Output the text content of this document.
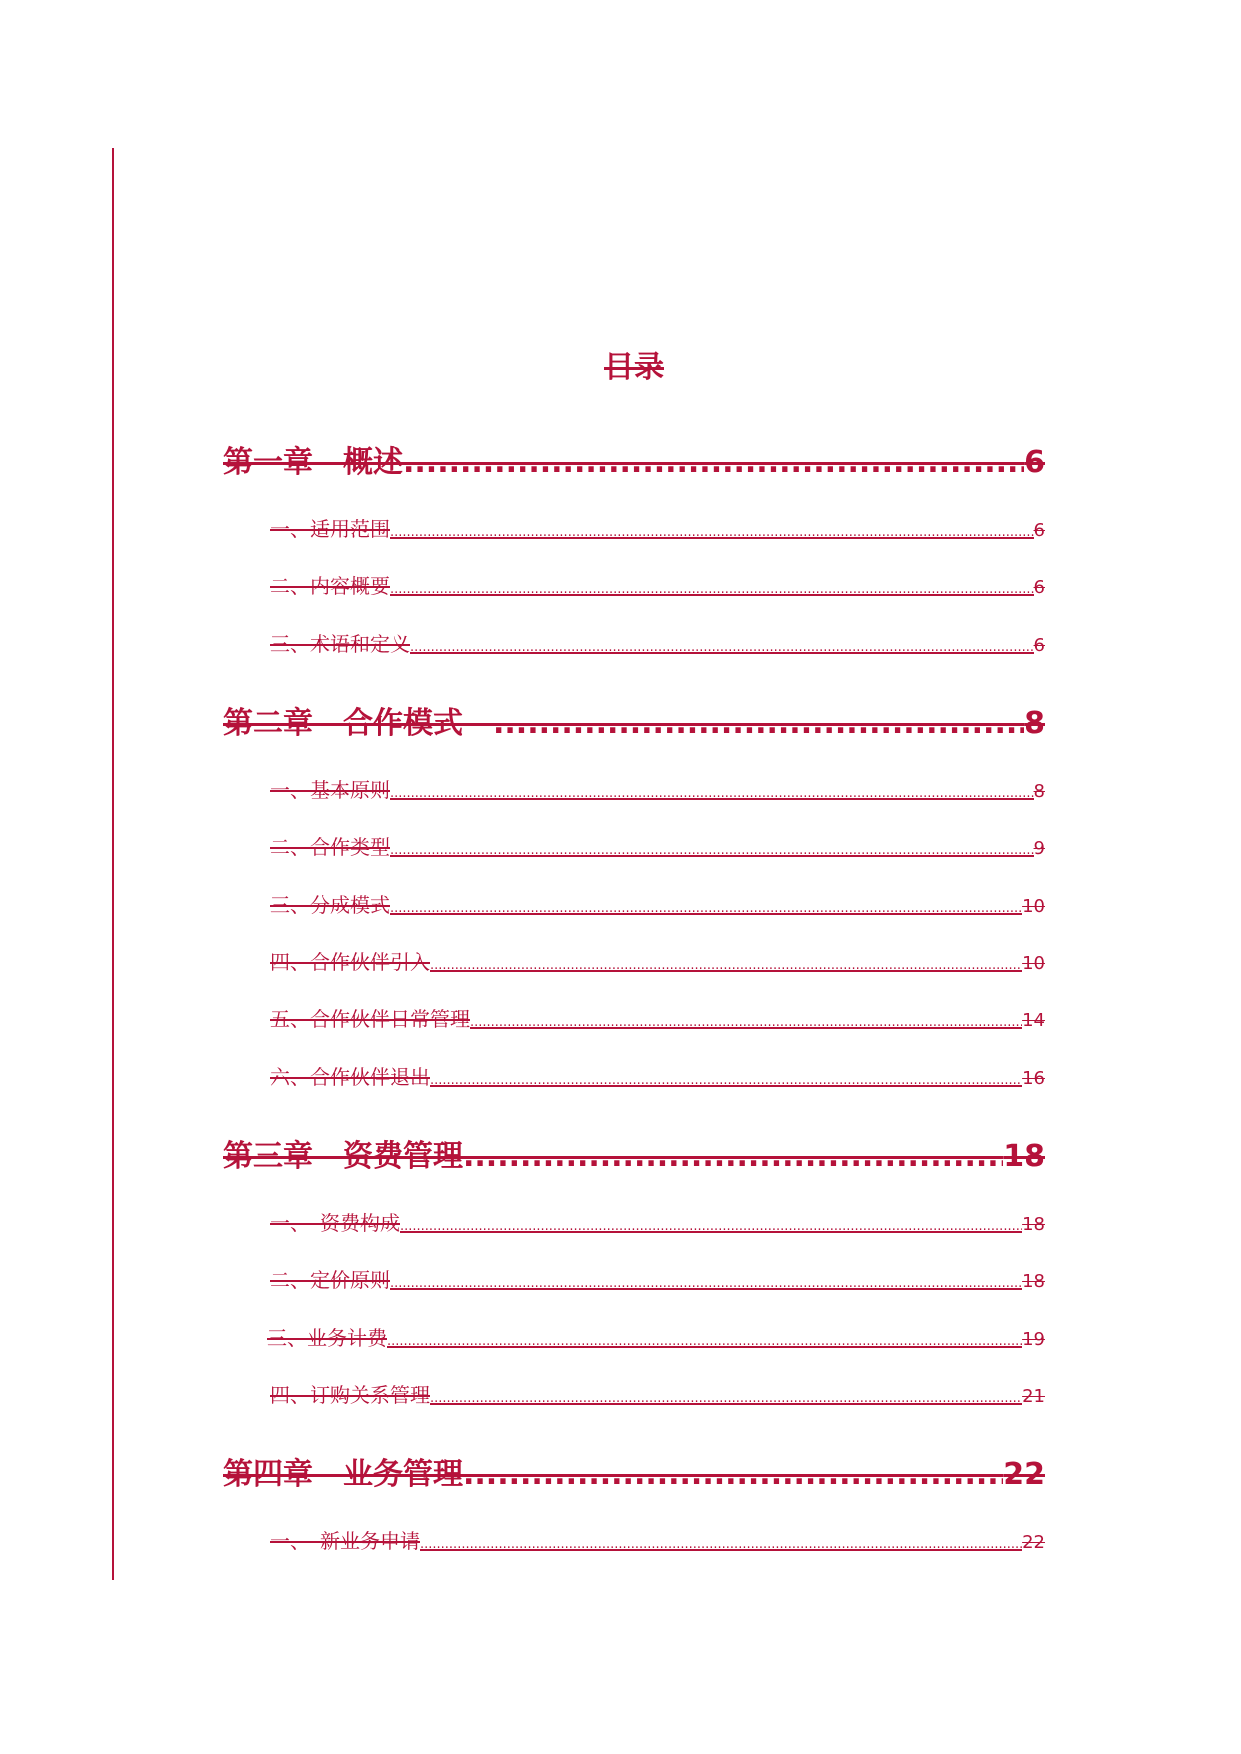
目录
第一章　概述 .....	6
一、适用范围 .....	6
二、内容概要 .....	6
三、术语和定义 .....	6
第二章　合作模式　 .....	8
一、基本原则 .....	8
二、合作类型 .....	9
三、分成模式 .....	10
四、合作伙伴引入 .....	10
五、合作伙伴日常管理 .....	14
六、合作伙伴退出 .....	16
第三章　资费管理 .....	18
一、 资费构成 .....	18
二、定价原则 .....	18
三、业务计费 .....	19
四、订购关系管理 .....	21
第四章　业务管理 .....	22
一、　新业务申请 .....	22
